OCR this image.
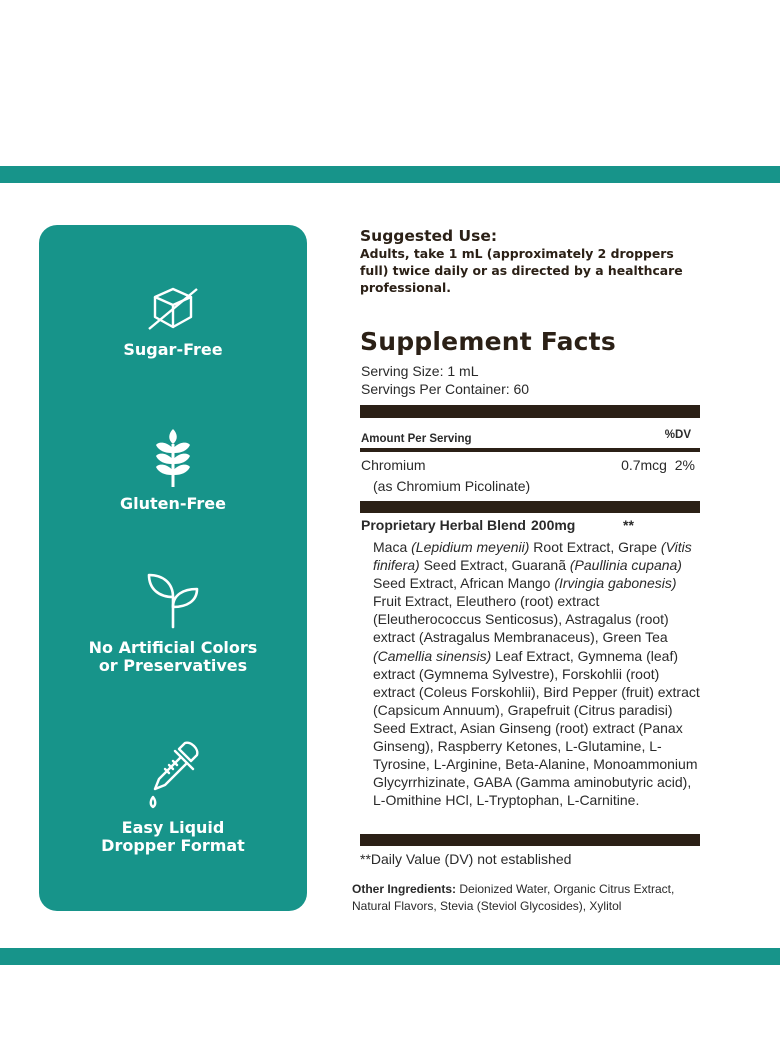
Sugar-Free
Gluten-Free
No Artificial Colors
or Preservatives
Easy Liquid
Dropper Format
Suggested Use:
Adults, take 1 mL (approximately 2 droppers full) twice daily or as directed by a healthcare professional.
Supplement Facts
Serving Size: 1 mL
Servings Per Container: 60
Amount Per Serving	%DV
Chromium	0.7mcg 2%
(as Chromium Picolinate)
Proprietary Herbal Blend 200mg	**
Maca (Lepidium meyenii) Root Extract, Grape (Vitis finifera) Seed Extract, Guaranã (Paullinia cupana) Seed Extract, African Mango (Irvingia gabonesis) Fruit Extract, Eleuthero (root) extract (Eleutherococcus Senticosus), Astragalus (root) extract (Astragalus Membranaceus), Green Tea (Camellia sinensis) Leaf Extract, Gymnema (leaf) extract (Gymnema Sylvestre), Forskohlii (root) extract (Coleus Forskohlii), Bird Pepper (fruit) extract (Capsicum Annuum), Grapefruit (Citrus paradisi) Seed Extract, Asian Ginseng (root) extract (Panax Ginseng), Raspberry Ketones, L-Glutamine, L-Tyrosine, L-Arginine, Beta-Alanine, Monoammonium Glycyrrhizinate, GABA (Gamma aminobutyric acid), L-Omithine HCl, L-Tryptophan, L-Carnitine.
**Daily Value (DV) not established
Other Ingredients: Deionized Water, Organic Citrus Extract, Natural Flavors, Stevia (Steviol Glycosides), Xylitol
